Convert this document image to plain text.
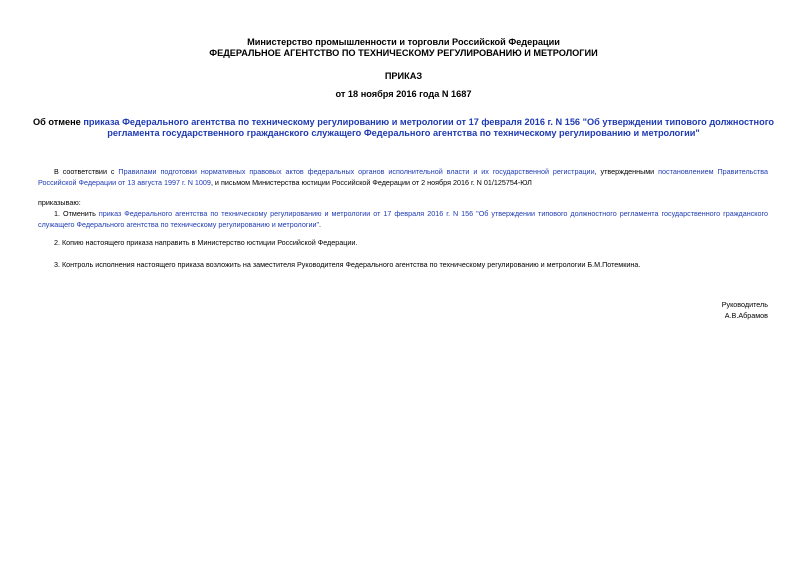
Министерство промышленности и торговли Российской Федерации
ФЕДЕРАЛЬНОЕ АГЕНТСТВО ПО ТЕХНИЧЕСКОМУ РЕГУЛИРОВАНИЮ И МЕТРОЛОГИИ
ПРИКАЗ
от 18 ноября 2016 года N 1687
Об отмене приказа Федерального агентства по техническому регулированию и метрологии от 17 февраля 2016 г. N 156 "Об утверждении типового должностного
регламента государственного гражданского служащего Федерального агентства по техническому регулированию и метрологии"
В соответствии с Правилами подготовки нормативных правовых актов федеральных органов исполнительной власти и их государственной регистрации, утвержденными постановлением Правительства Российской Федерации от 13 августа 1997 г. N 1009, и письмом Министерства юстиции Российской Федерации от 2 ноября 2016 г. N 01/125754-ЮЛ
приказываю:
1. Отменить приказ Федерального агентства по техническому регулированию и метрологии от 17 февраля 2016 г. N 156 "Об утверждении типового должностного регламента государственного гражданского служащего Федерального агентства по техническому регулированию и метрологии".
2. Копию настоящего приказа направить в Министерство юстиции Российской Федерации.
3. Контроль исполнения настоящего приказа возложить на заместителя Руководителя Федерального агентства по техническому регулированию и метрологии Б.М.Потемкина.
Руководитель
А.В.Абрамов
